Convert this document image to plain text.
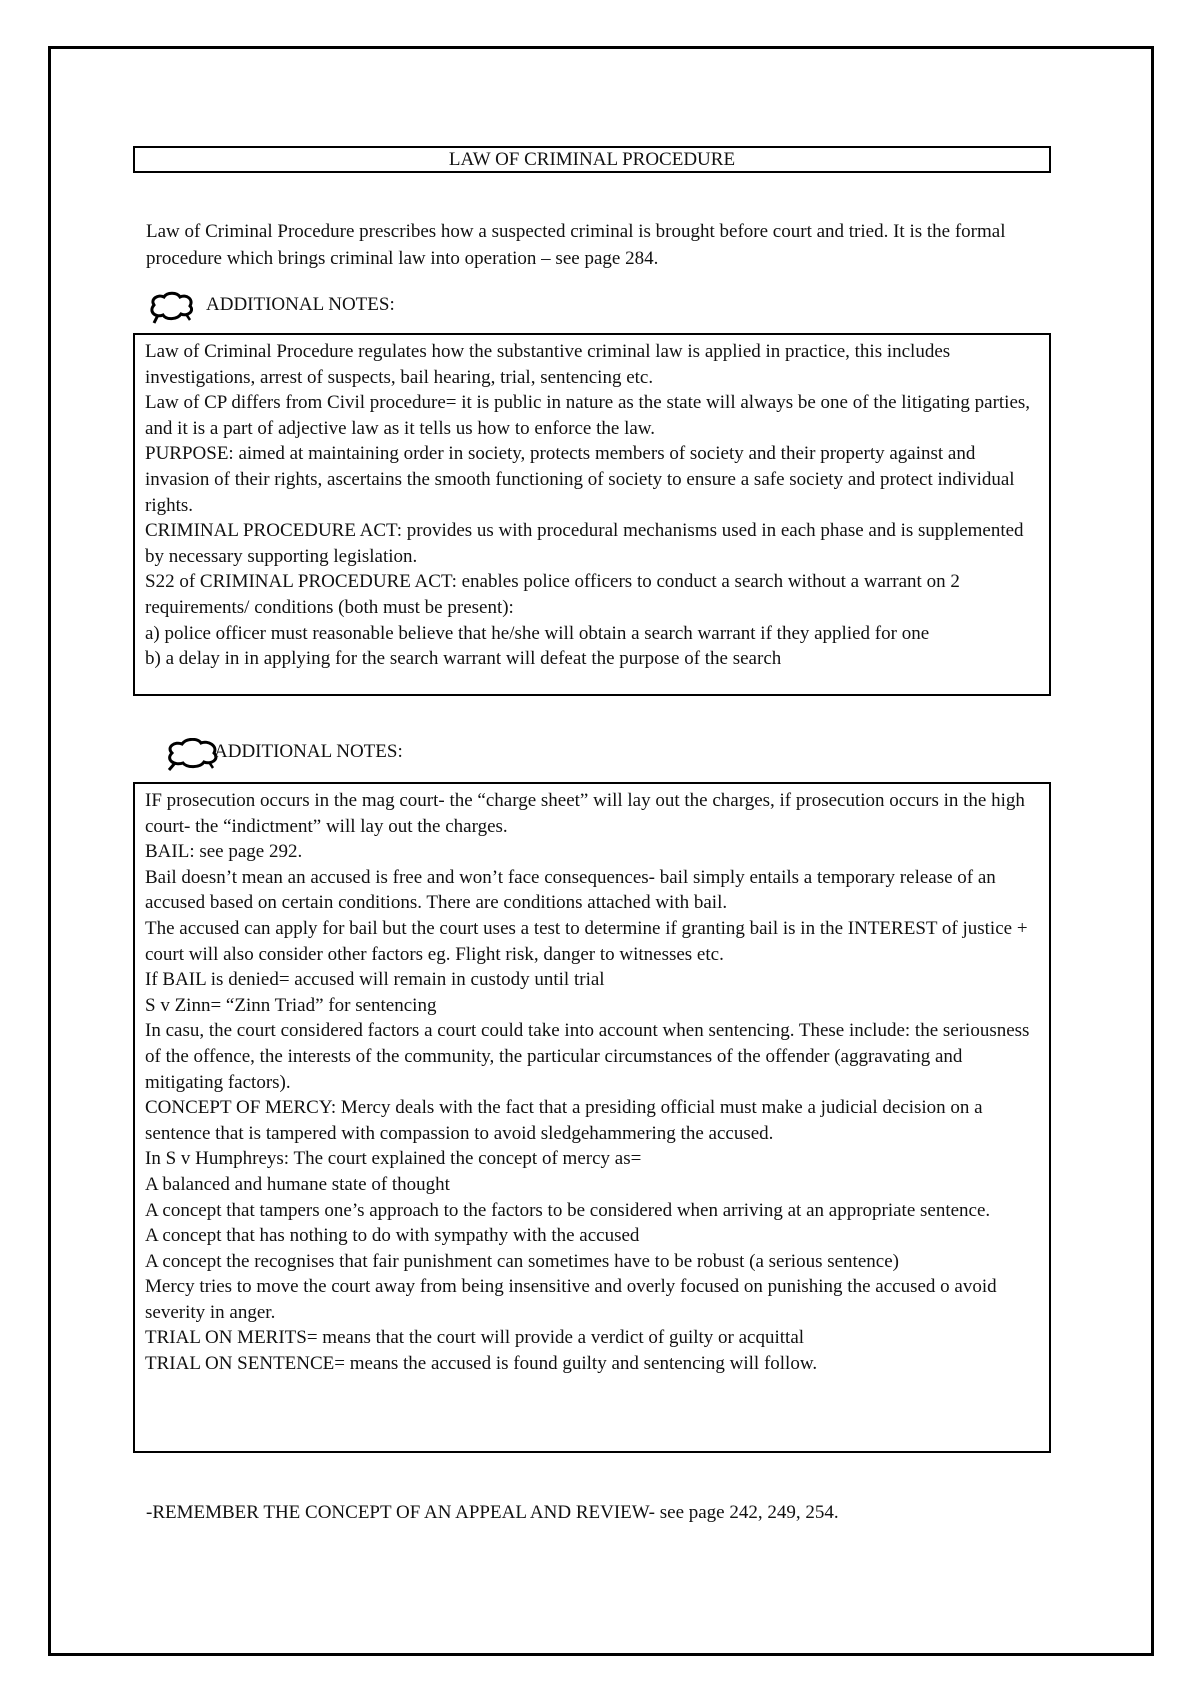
LAW OF CRIMINAL PROCEDURE

Law of Criminal Procedure prescribes how a suspected criminal is brought before court and tried. It is the formal procedure which brings criminal law into operation – see page 284.

ADDITIONAL NOTES:

Law of Criminal Procedure regulates how the substantive criminal law is applied in practice, this includes investigations, arrest of suspects, bail hearing, trial, sentencing etc.

Law of CP differs from Civil procedure= it is public in nature as the state will always be one of the litigating parties, and it is a part of adjective law as it tells us how to enforce the law.

PURPOSE: aimed at maintaining order in society, protects members of society and their property against and invasion of their rights, ascertains the smooth functioning of society to ensure a safe society and protect individual rights.

CRIMINAL PROCEDURE ACT: provides us with procedural mechanisms used in each phase and is supplemented by necessary supporting legislation.

S22 of CRIMINAL PROCEDURE ACT: enables police officers to conduct a search without a warrant on 2 requirements/ conditions (both must be present):

a) police officer must reasonable believe that he/she will obtain a search warrant if they applied for one

b) a delay in in applying for the search warrant will defeat the purpose of the search

ADDITIONAL NOTES:

IF prosecution occurs in the mag court- the “charge sheet” will lay out the charges, if prosecution occurs in the high court- the “indictment” will lay out the charges.

BAIL: see page 292.

Bail doesn’t mean an accused is free and won’t face consequences- bail simply entails a temporary release of an accused based on certain conditions. There are conditions attached with bail.

The accused can apply for bail but the court uses a test to determine if granting bail is in the INTEREST of justice + court will also consider other factors eg. Flight risk, danger to witnesses etc.

If BAIL is denied= accused will remain in custody until trial

S v Zinn= “Zinn Triad” for sentencing

In casu, the court considered factors a court could take into account when sentencing. These include: the seriousness of the offence, the interests of the community, the particular circumstances of the offender (aggravating and mitigating factors).

CONCEPT OF MERCY: Mercy deals with the fact that a presiding official must make a judicial decision on a sentence that is tampered with compassion to avoid sledgehammering the accused.

In S v Humphreys: The court explained the concept of mercy as=

A balanced and humane state of thought

A concept that tampers one’s approach to the factors to be considered when arriving at an appropriate sentence.

A concept that has nothing to do with sympathy with the accused

A concept the recognises that fair punishment can sometimes have to be robust (a serious sentence)

Mercy tries to move the court away from being insensitive and overly focused on punishing the accused o avoid severity in anger.

TRIAL ON MERITS= means that the court will provide a verdict of guilty or acquittal

TRIAL ON SENTENCE= means the accused is found guilty and sentencing will follow.

-REMEMBER THE CONCEPT OF AN APPEAL AND REVIEW- see page 242, 249, 254.
